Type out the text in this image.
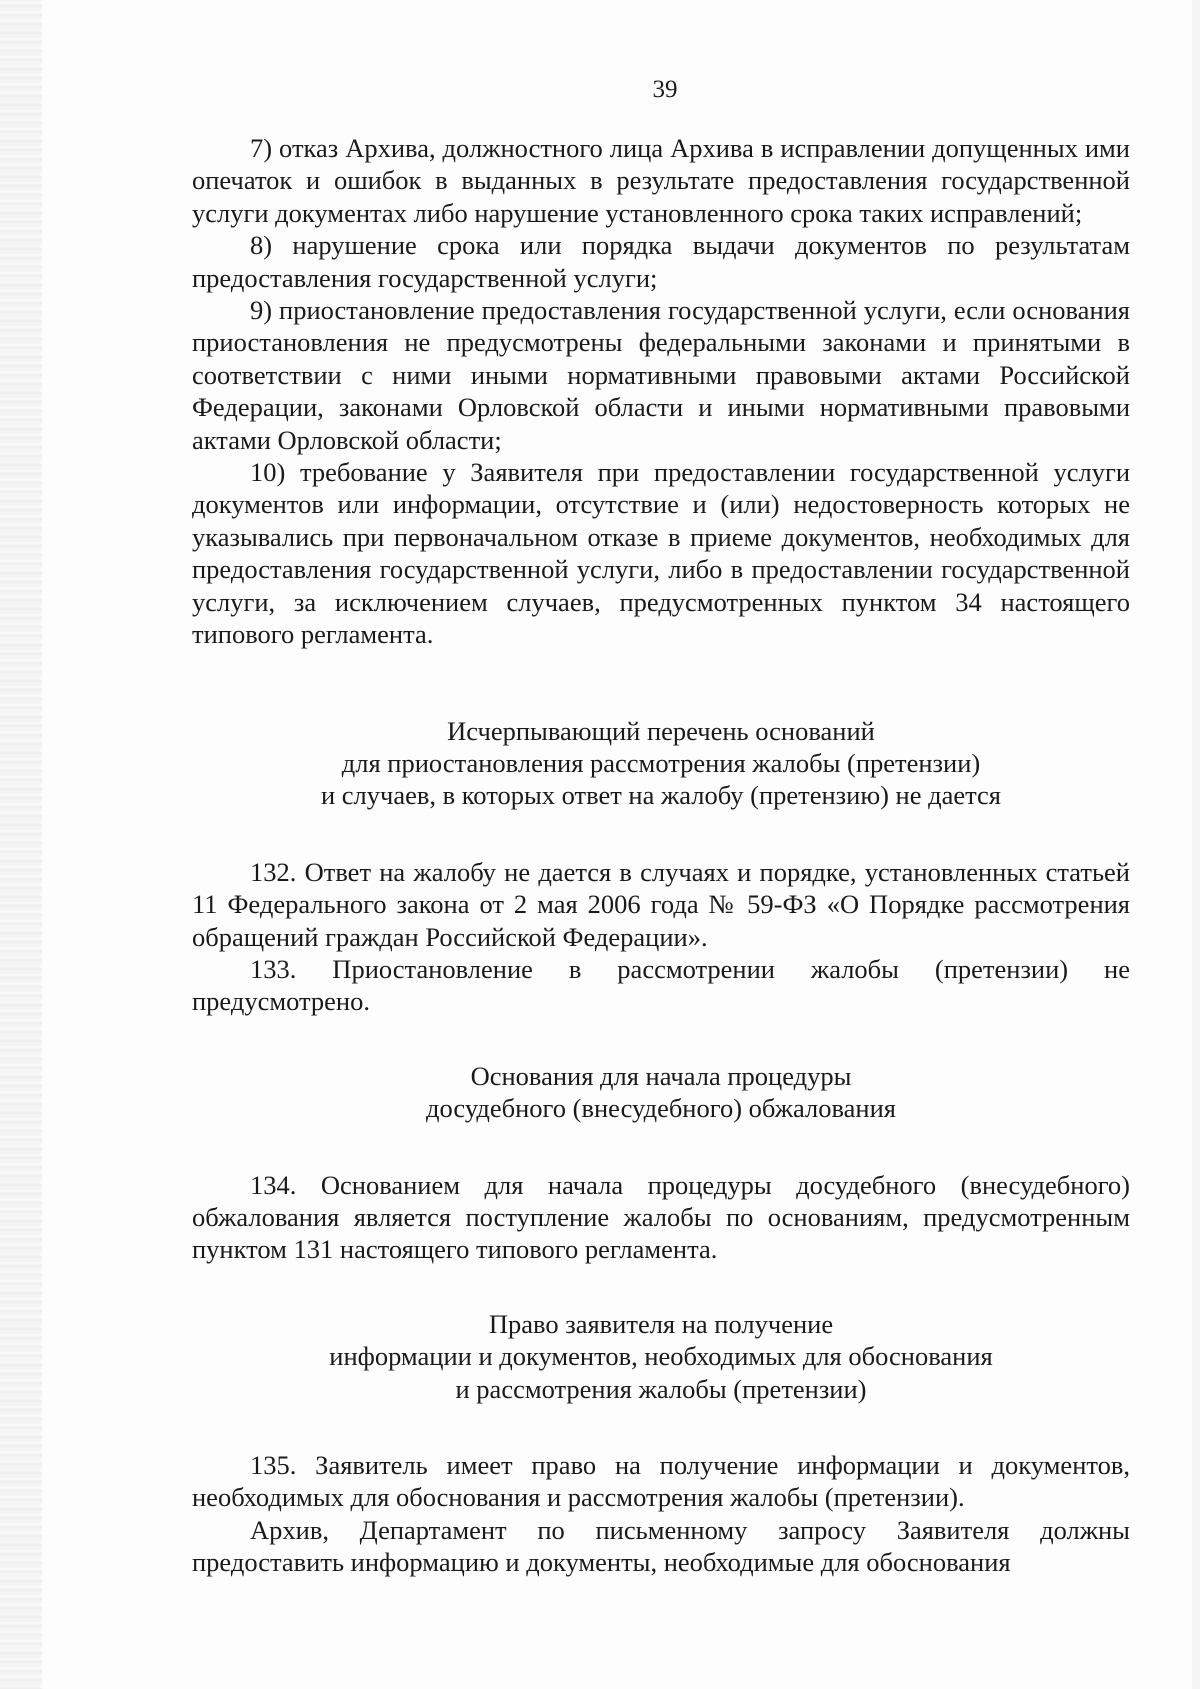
39

7) отказ Архива, должностного лица Архива в исправлении допущенных ими опечаток и ошибок в выданных в результате предоставления государственной услуги документах либо нарушение установленного срока таких исправлений;

8) нарушение срока или порядка выдачи документов по результатам предоставления государственной услуги;

9) приостановление предоставления государственной услуги, если основания приостановления не предусмотрены федеральными законами и принятыми в соответствии с ними иными нормативными правовыми актами Российской Федерации, законами Орловской области и иными нормативными правовыми актами Орловской области;

10) требование у Заявителя при предоставлении государственной услуги документов или информации, отсутствие и (или) недостоверность которых не указывались при первоначальном отказе в приеме документов, необходимых для предоставления государственной услуги, либо в предоставлении государственной услуги, за исключением случаев, предусмотренных пунктом 34 настоящего типового регламента.

Исчерпывающий перечень оснований
для приостановления рассмотрения жалобы (претензии)
и случаев, в которых ответ на жалобу (претензию) не дается

132. Ответ на жалобу не дается в случаях и порядке, установленных статьей 11 Федерального закона от 2 мая 2006 года № 59-ФЗ «О Порядке рассмотрения обращений граждан Российской Федерации».

133. Приостановление в рассмотрении жалобы (претензии) не предусмотрено.

Основания для начала процедуры
досудебного (внесудебного) обжалования

134. Основанием для начала процедуры досудебного (внесудебного) обжалования является поступление жалобы по основаниям, предусмотренным пунктом 131 настоящего типового регламента.

Право заявителя на получение
информации и документов, необходимых для обоснования
и рассмотрения жалобы (претензии)

135. Заявитель имеет право на получение информации и документов, необходимых для обоснования и рассмотрения жалобы (претензии).

Архив, Департамент по письменному запросу Заявителя должны предоставить информацию и документы, необходимые для обоснования
